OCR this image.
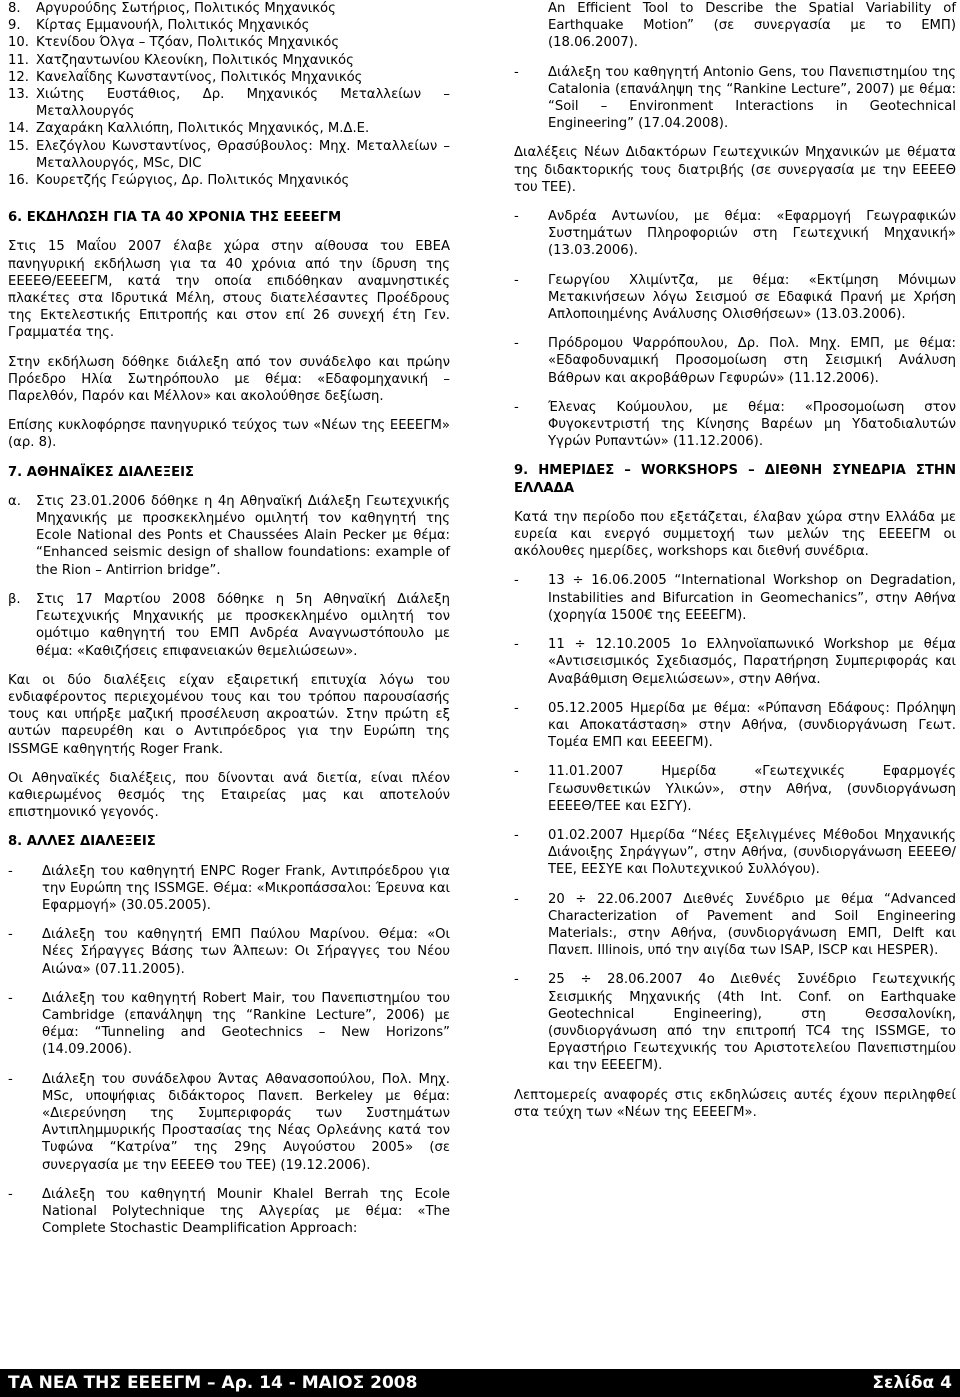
8.	Αργυρούδης Σωτήριος, Πολιτικός Μηχανικός
9.	Κίρτας Εμμανουήλ, Πολιτικός Μηχανικός
10. Κτενίδου Όλγα – Τζόαν, Πολιτικός Μηχανικός
11. Χατζηαντωνίου Κλεονίκη, Πολιτικός Μηχανικός
12. Κανελαΐδης Κωνσταντίνος, Πολιτικός Μηχανικός
13. Χιώτης Ευστάθιος, Δρ. Μηχανικός Μεταλλείων – Μεταλλουργός
14. Ζαχαράκη Καλλιόπη, Πολιτικός Μηχανικός, Μ.Δ.Ε.
15. Ελεζόγλου Κωνσταντίνος, Θρασύβουλος: Μηχ. Μεταλλείων – Μεταλλουργός, MSc, DIC
16. Κουρετζής Γεώργιος, Δρ. Πολιτικός Μηχανικός
6. ΕΚΔΗΛΩΣΗ ΓΙΑ ΤΑ 40 ΧΡΟΝΙΑ ΤΗΣ ΕΕΕΕΓΜ

Στις 15 Μαΐου 2007 έλαβε χώρα στην αίθουσα του ΕΒΕΑ πανηγυρική εκδήλωση για τα 40 χρόνια από την ίδρυση της ΕΕΕΕΘ/ΕΕΕΕΓΜ, κατά την οποία επιδόθηκαν αναμνηστικές πλακέτες στα Ιδρυτικά Μέλη, στους διατελέσαντες Προέδρους της Εκτελεστικής Επιτροπής και στον επί 26 συνεχή έτη Γεν. Γραμματέα της.

Στην εκδήλωση δόθηκε διάλεξη από τον συνάδελφο και πρώην Πρόεδρο Ηλία Σωτηρόπουλο με θέμα: «Εδαφομηχανική – Παρελθόν, Παρόν και Μέλλον» και ακολούθησε δεξίωση.

Επίσης κυκλοφόρησε πανηγυρικό τεύχος των «Νέων της ΕΕΕΕΓΜ» (αρ. 8).

7. ΑΘΗΝΑΪΚΕΣ ΔΙΑΛΕΞΕΙΣ
α.	Στις 23.01.2006 δόθηκε η 4η Αθηναϊκή Διάλεξη Γεωτεχνικής Μηχανικής με προσκεκλημένο ομιλητή τον καθηγητή της Ecole National des Ponts et Chaussées Alain Pecker με θέμα: “Enhanced seismic design of shallow foundations: example of the Rion – Antirrion bridge”.
β.	Στις 17 Μαρτίου 2008 δόθηκε η 5η Αθηναϊκή Διάλεξη Γεωτεχνικής Μηχανικής με προσκεκλημένο ομιλητή τον ομότιμο καθηγητή του ΕΜΠ Ανδρέα Αναγνωστόπουλο με θέμα: «Καθιζήσεις επιφανειακών θεμελιώσεων».

Και οι δύο διαλέξεις είχαν εξαιρετική επιτυχία λόγω του ενδιαφέροντος περιεχομένου τους και του τρόπου παρουσίασής τους και υπήρξε μαζική προσέλευση ακροατών. Στην πρώτη εξ αυτών παρευρέθη και ο Αντιπρόεδρος για την Ευρώπη της ISSMGE καθηγητής Roger Frank.

Οι Αθηναϊκές διαλέξεις, που δίνονται ανά διετία, είναι πλέον καθιερωμένος θεσμός της Εταιρείας μας και αποτελούν επιστημονικό γεγονός.

8. ΑΛΛΕΣ ΔΙΑΛΕΞΕΙΣ
-	Διάλεξη του καθηγητή ENPC Roger Frank, Αντιπρόεδρου για την Ευρώπη της ISSMGE. Θέμα: «Μικροπάσσαλοι: Έρευνα και Εφαρμογή» (30.05.2005).
-	Διάλεξη του καθηγητή ΕΜΠ Παύλου Μαρίνου. Θέμα: «Οι Νέες Σήραγγες Βάσης των Άλπεων: Οι Σήραγγες του Νέου Αιώνα» (07.11.2005).
-	Διάλεξη του καθηγητή Robert Mair, του Πανεπιστημίου του Cambridge (επανάληψη της “Rankine Lecture”, 2006) με θέμα: “Tunneling and Geotechnics – New Horizons” (14.09.2006).
-	Διάλεξη του συνάδελφου Άντας Αθανασοπούλου, Πολ. Μηχ. MSc, υποψήφιας διδάκτορος Πανεπ. Berkeley με θέμα: «Διερεύνηση της Συμπεριφοράς των Συστημάτων Αντιπλημμυρικής Προστασίας της Νέας Ορλεάνης κατά τον Τυφώνα “Κατρίνα” της 29ης Αυγούστου 2005» (σε συνεργασία με την ΕΕΕΕΘ του ΤΕΕ) (19.12.2006).
-	Διάλεξη του καθηγητή Mounir Khalel Berrah της Ecole National Polytechnique της Αλγερίας με θέμα: «The Complete Stochastic Deamplification Approach:

An Efficient Tool to Describe the Spatial Variability of Earthquake Motion” (σε συνεργασία με το ΕΜΠ) (18.06.2007).

-	Διάλεξη του καθηγητή Antonio Gens, του Πανεπιστημίου της Catalonia (επανάληψη της “Rankine Lecture”, 2007) με θέμα: “Soil – Environment Interactions in Geotechnical Engineering” (17.04.2008).

Διαλέξεις Νέων Διδακτόρων Γεωτεχνικών Μηχανικών με θέματα της διδακτορικής τους διατριβής (σε συνεργασία με την ΕΕΕΕΘ του ΤΕΕ).

-	Ανδρέα Αντωνίου, με θέμα: «Εφαρμογή Γεωγραφικών Συστημάτων Πληροφοριών στη Γεωτεχνική Μηχανική» (13.03.2006).
-	Γεωργίου Χλιμίντζα, με θέμα: «Εκτίμηση Μόνιμων Μετακινήσεων λόγω Σεισμού σε Εδαφικά Πρανή με Χρήση Απλοποιημένης Ανάλυσης Ολισθήσεων» (13.03.2006).
-	Πρόδρομου Ψαρρόπουλου, Δρ. Πολ. Μηχ. ΕΜΠ, με θέμα: «Εδαφοδυναμική Προσομοίωση στη Σεισμική Ανάλυση Βάθρων και ακροβάθρων Γεφυρών» (11.12.2006).
-	Έλενας Κούμουλου, με θέμα: «Προσομοίωση στον Φυγοκεντριστή της Κίνησης Βαρέων μη Υδατοδιαλυτών Υγρών Ρυπαντών» (11.12.2006).
9. ΗΜΕΡΙΔΕΣ – WORKSHOPS – ΔΙΕΘΝΗ ΣΥΝΕΔΡΙΑ ΣΤΗΝ ΕΛΛΑΔΑ

Κατά την περίοδο που εξετάζεται, έλαβαν χώρα στην Ελλάδα με ευρεία και ενεργό συμμετοχή των μελών της ΕΕΕΕΓΜ οι ακόλουθες ημερίδες, workshops και διεθνή συνέδρια.

-	13 ÷ 16.06.2005 “International Workshop on Degradation, Instabilities and Bifurcation in Geomechanics”, στην Αθήνα (χορηγία 1500€ της ΕΕΕΕΓΜ).
-	11 ÷ 12.10.2005 1ο Ελληνοϊαπωνικό Workshop με θέμα «Αντισεισμικός Σχεδιασμός, Παρατήρηση Συμπεριφοράς και Αναβάθμιση Θεμελιώσεων», στην Αθήνα.
-	05.12.2005 Ημερίδα με θέμα: «Ρύπανση Εδάφους: Πρόληψη και Αποκατάσταση» στην Αθήνα, (συνδιοργάνωση Γεωτ. Τομέα ΕΜΠ και ΕΕΕΕΓΜ).
-	11.01.2007 Ημερίδα «Γεωτεχνικές Εφαρμογές Γεωσυνθετικών Υλικών», στην Αθήνα, (συνδιοργάνωση ΕΕΕΕΘ/ΤΕΕ και ΕΣΓΥ).
-	01.02.2007 Ημερίδα “Νέες Εξελιγμένες Μέθοδοι Μηχανικής Διάνοιξης Σηράγγων”, στην Αθήνα, (συνδιοργάνωση ΕΕΕΕΘ/ΤΕΕ, ΕΕΣΥΕ και Πολυτεχνικού Συλλόγου).
-	20 ÷ 22.06.2007 Διεθνές Συνέδριο με θέμα “Advanced Characterization of Pavement and Soil Engineering Materials:, στην Αθήνα, (συνδιοργάνωση ΕΜΠ, Delft και Πανεπ. Illinois, υπό την αιγίδα των ISAP, ISCP και HESPER).
-	25 ÷ 28.06.2007 4ο Διεθνές Συνέδριο Γεωτεχνικής Σεισμικής Μηχανικής (4th Int. Conf. on Earthquake Geotechnical Engineering), στη Θεσσαλονίκη, (συνδιοργάνωση από την επιτροπή TC4 της ISSMGE, το Εργαστήριο Γεωτεχνικής του Αριστοτελείου Πανεπιστημίου και την ΕΕΕΕΓΜ).

Λεπτομερείς αναφορές στις εκδηλώσεις αυτές έχουν περιληφθεί στα τεύχη των «Νέων της ΕΕΕΕΓΜ».

ΤΑ ΝΕΑ ΤΗΣ ΕΕΕΕΓΜ – Αρ. 14 - ΜΑΙΟΣ 2008	Σελίδα 4
